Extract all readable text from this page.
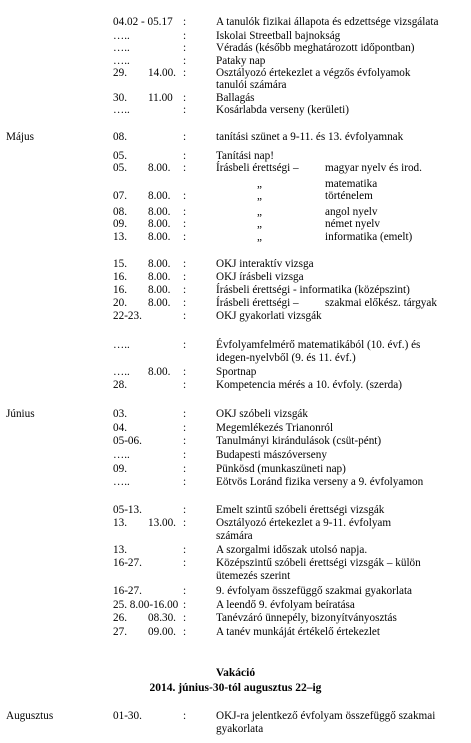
04.02 - 05.17 :	A tanulók fizikai állapota és edzettsége vizsgálata
…..	:	Iskolai Streetball bajnokság
…..	:	Véradás (később meghatározott időpontban)
…..	:	Pataky nap
29. 14.00. :	Osztályozó értekezlet a végzős évfolyamok
tanulói számára
30. 11.00 :	Ballagás
…..	:	Kosárlabda verseny (kerületi)
Május	08.	:	tanítási szünet a 9-11. és 13. évfolyamnak
05.	:	Tanítási nap!
05. 8.00. :	Írásbeli érettségi – magyar nyelv és irod.
„	matematika
07. 8.00. :	„	történelem
08. 8.00. :	„	angol nyelv
09. 8.00. :	„	német nyelv
13. 8.00. :	„	informatika (emelt)
15. 8.00. :	OKJ interaktív vizsga
16. 8.00. :	OKJ írásbeli vizsga
16. 8.00. :	Írásbeli érettségi - informatika (középszint)
20. 8.00. :	Írásbeli érettségi – szakmai előkész. tárgyak
22-23.	:	OKJ gyakorlati vizsgák
…..	:	Évfolyamfelmérő matematikából (10. évf.) és
idegen-nyelvből (9. és 11. évf.)
….. 8.00. :	Sportnap
28.	:	Kompetencia mérés a 10. évfoly. (szerda)
Június	03.	:	OKJ szóbeli vizsgák
04.	:	Megemlékezés Trianonról
05-06.	:	Tanulmányi kirándulások (csüt-pént)
…..	:	Budapesti mászóverseny
09.	:	Pünkösd (munkaszüneti nap)
…..	:	Eötvös Loránd fizika verseny a 9. évfolyamon
05-13.	:	Emelt szintű szóbeli érettségi vizsgák
13. 13.00. :	Osztályozó értekezlet a 9-11. évfolyam
számára
13.	:	A szorgalmi időszak utolsó napja.
16-27.	:	Középszintű szóbeli érettségi vizsgák – külön
ütemezés szerint
16-27.	:	9. évfolyam összefüggő szakmai gyakorlata
25. 8.00-16.00 :	A leendő 9. évfolyam beíratása
26. 08.30. :	Tanévzáró ünnepély, bizonyítványosztás
27. 09.00. :	A tanév munkáját értékelő értekezlet
Augusztus	01-30.	:	OKJ-ra jelentkező évfolyam összefüggő szakmai
gyakorlata
Vakáció
2014. június-30-tól augusztus 22–ig
